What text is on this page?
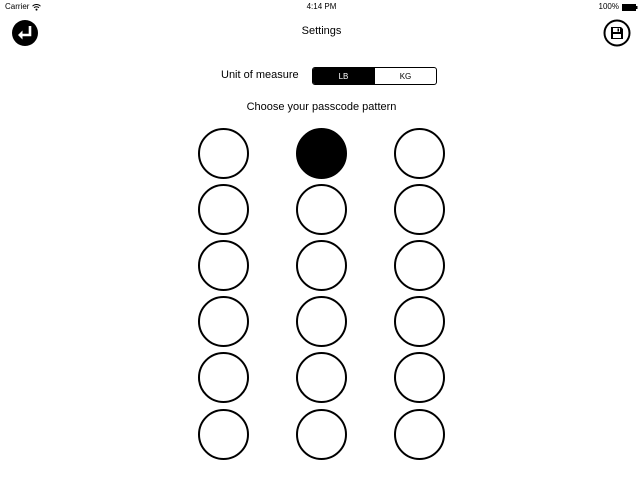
Carrier	4:14 PM	100%
Settings
Unit of measure	LB	KG
Choose your passcode pattern
